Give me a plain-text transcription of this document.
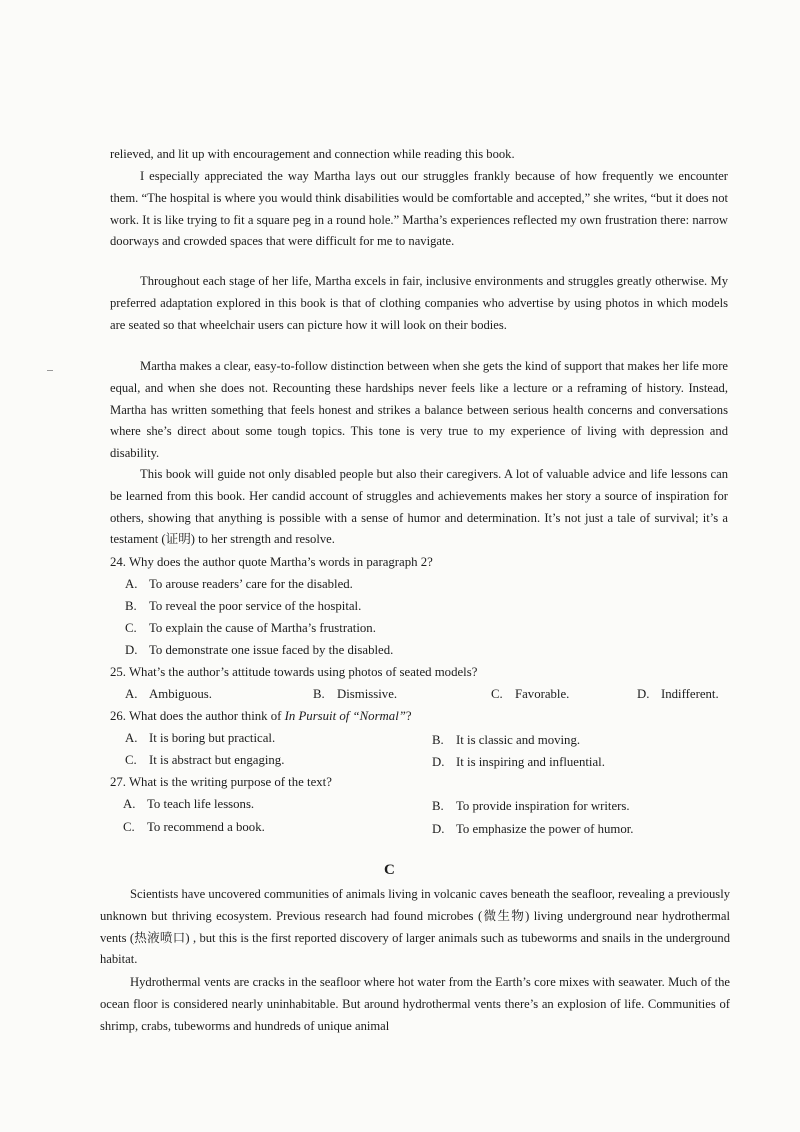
relieved, and lit up with encouragement and connection while reading this book.

I especially appreciated the way Martha lays out our struggles frankly because of how frequently we encounter them. “The hospital is where you would think disabilities would be comfortable and accepted,” she writes, “but it does not work. It is like trying to fit a square peg in a round hole.” Martha’s experiences reflected my own frustration there: narrow doorways and crowded spaces that were difficult for me to navigate.

Throughout each stage of her life, Martha excels in fair, inclusive environments and struggles greatly otherwise. My preferred adaptation explored in this book is that of clothing companies who advertise by using photos in which models are seated so that wheelchair users can picture how it will look on their bodies.

Martha makes a clear, easy-to-follow distinction between when she gets the kind of support that makes her life more equal, and when she does not. Recounting these hardships never feels like a lecture or a reframing of history. Instead, Martha has written something that feels honest and strikes a balance between serious health concerns and conversations where she’s direct about some tough topics. This tone is very true to my experience of living with depression and disability.

This book will guide not only disabled people but also their caregivers. A lot of valuable advice and life lessons can be learned from this book. Her candid account of struggles and achievements makes her story a source of inspiration for others, showing that anything is possible with a sense of humor and determination. It’s not just a tale of survival; it’s a testament (证明) to her strength and resolve.

24. Why does the author quote Martha’s words in paragraph 2?

A. To arouse readers’ care for the disabled.
B. To reveal the poor service of the hospital.
C. To explain the cause of Martha’s frustration.
D. To demonstrate one issue faced by the disabled.

25. What’s the author’s attitude towards using photos of seated models?

A. Ambiguous.	B. Dismissive.	C. Favorable.	D. Indifferent.

26. What does the author think of In Pursuit of “Normal”?

A. It is boring but practical.	B. It is classic and moving.
C. It is abstract but engaging.	D. It is inspiring and influential.

27. What is the writing purpose of the text?

A. To teach life lessons.	B. To provide inspiration for writers.
C. To recommend a book.	D. To emphasize the power of humor.
C

Scientists have uncovered communities of animals living in volcanic caves beneath the seafloor, revealing a previously unknown but thriving ecosystem. Previous research had found microbes (微生物) living underground near hydrothermal vents (热液喷口) , but this is the first reported discovery of larger animals such as tubeworms and snails in the underground habitat.

Hydrothermal vents are cracks in the seafloor where hot water from the Earth’s core mixes with seawater. Much of the ocean floor is considered nearly uninhabitable. But around hydrothermal vents there’s an explosion of life. Communities of shrimp, crabs, tubeworms and hundreds of unique animal
